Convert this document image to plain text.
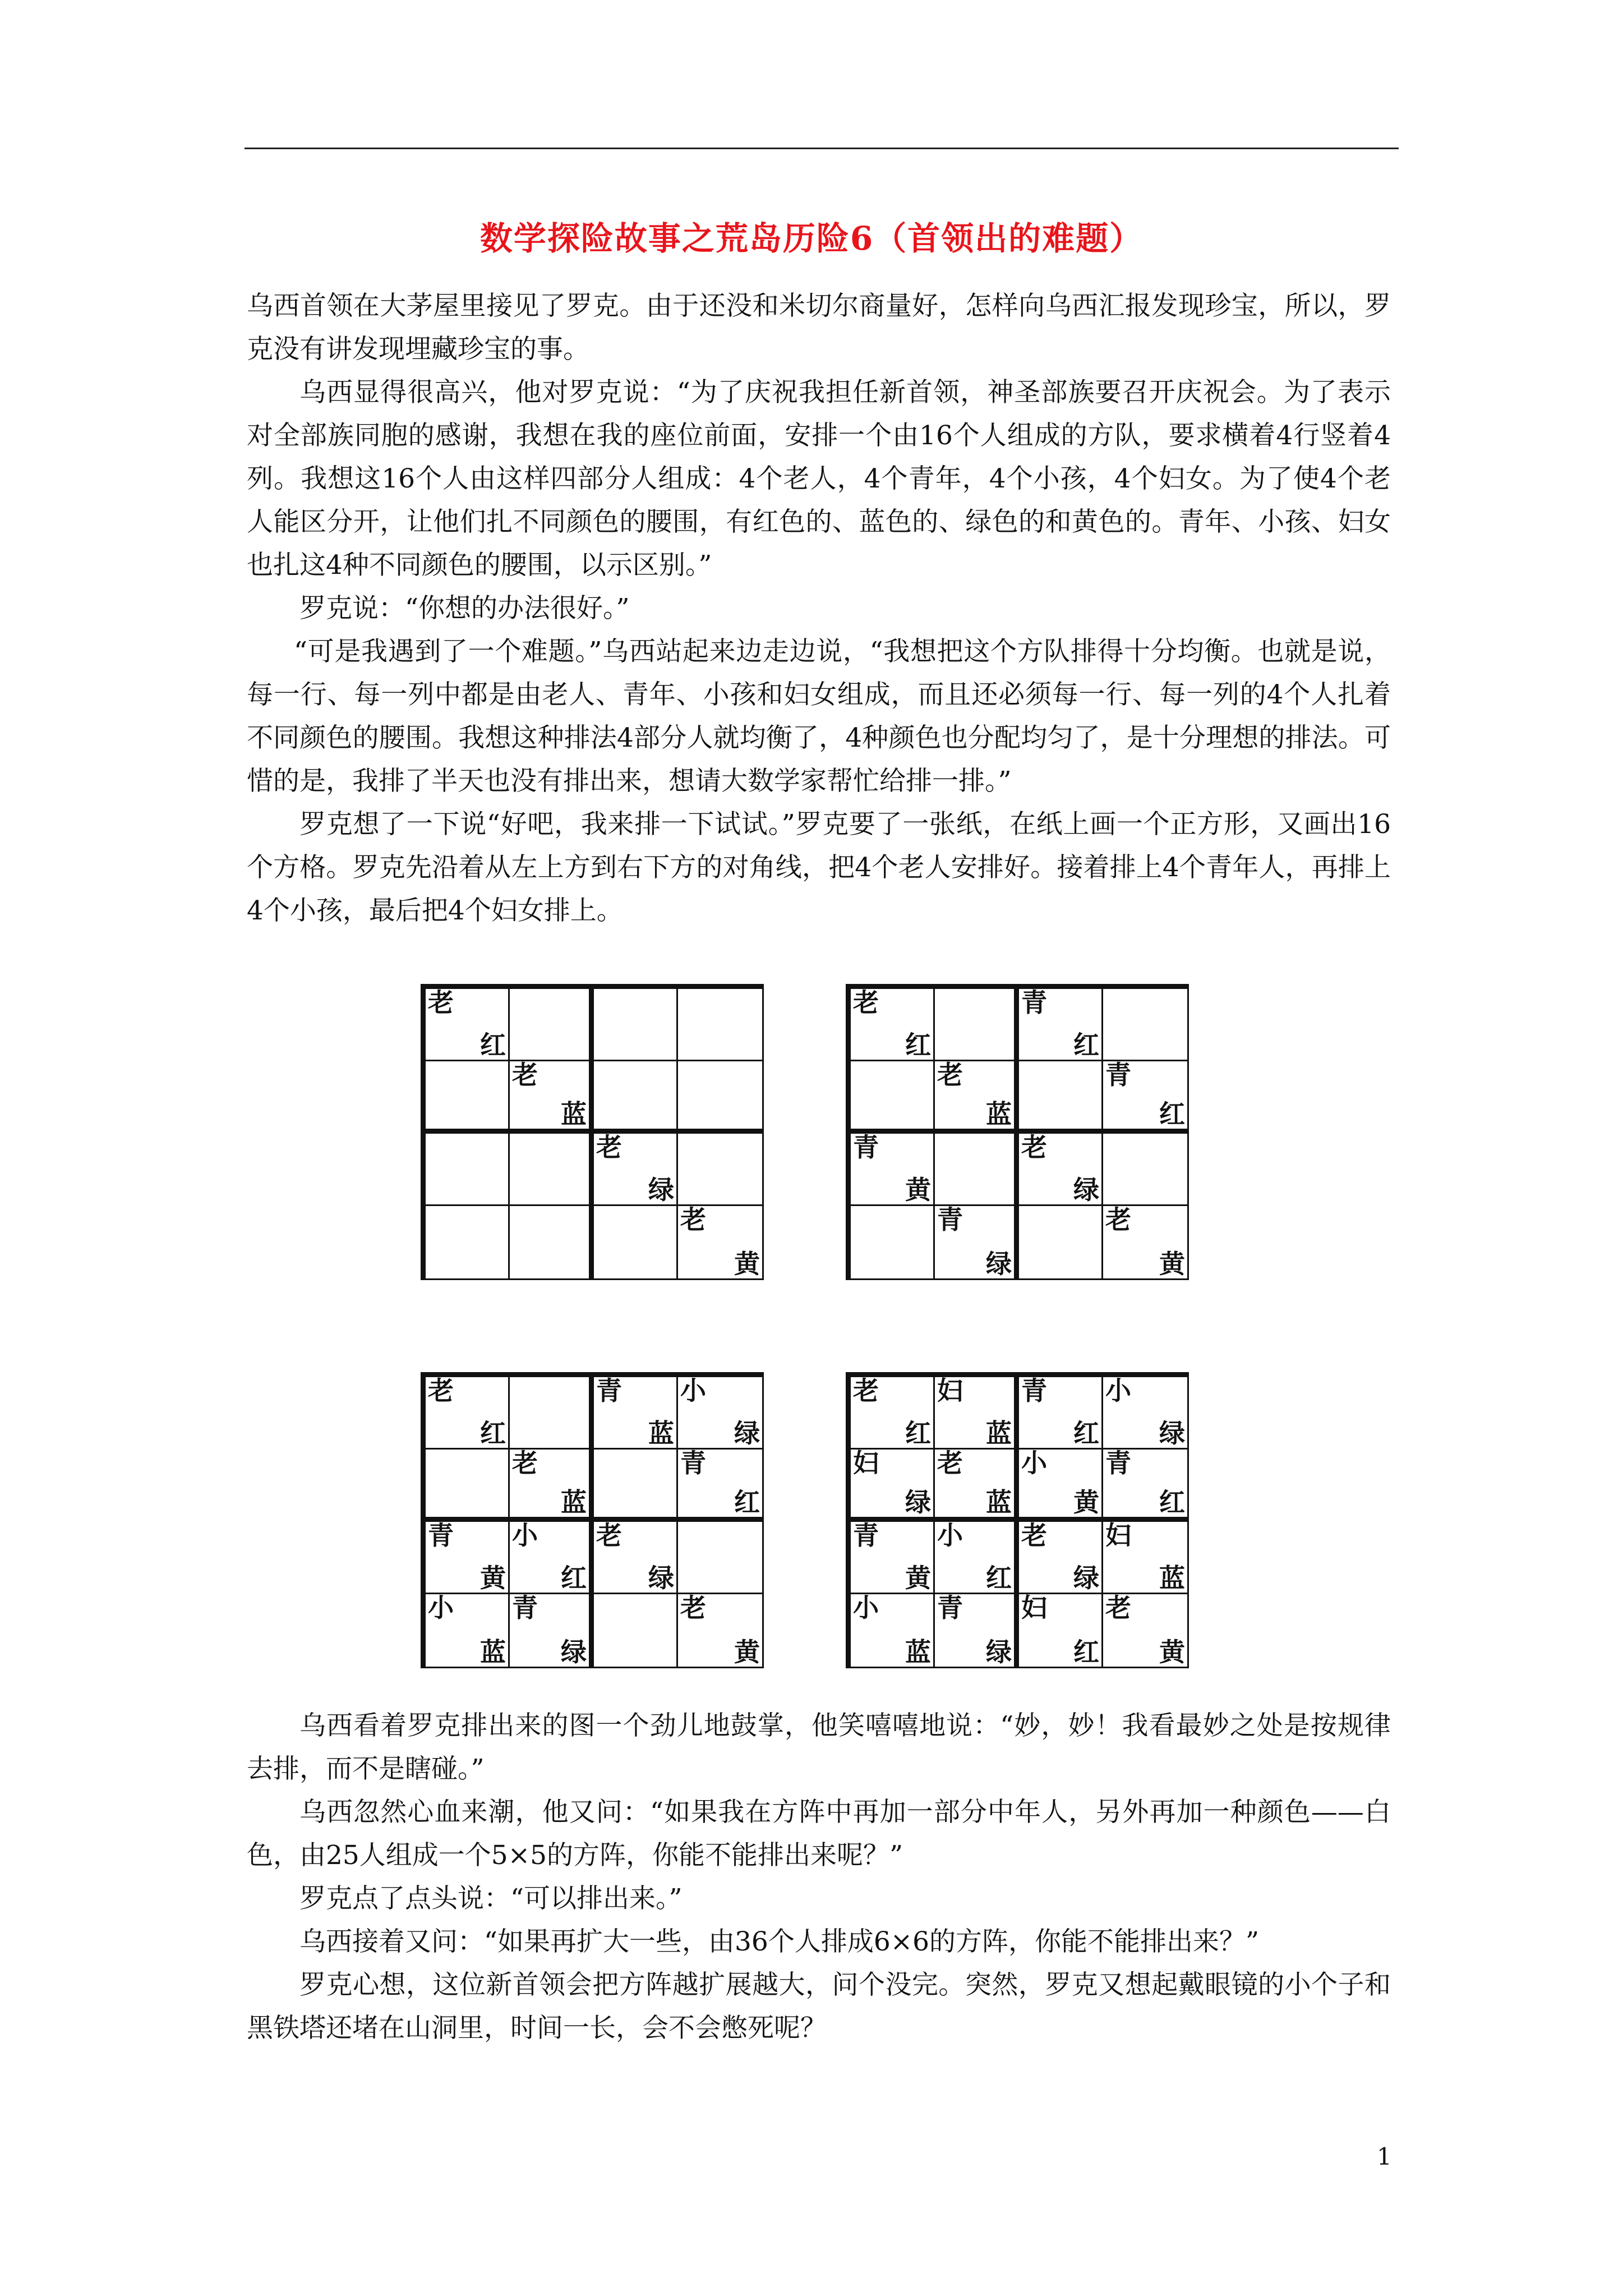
数学探险故事之荒岛历险6（首领出的难题）

乌西首领在大茅屋里接见了罗克。由于还没和米切尔商量好，怎样向乌西汇报发现珍宝，所以，罗克没有讲发现埋藏珍宝的事。

乌西显得很高兴，他对罗克说：“为了庆祝我担任新首领，神圣部族要召开庆祝会。为了表示对全部族同胞的感谢，我想在我的座位前面，安排一个由16个人组成的方队，要求横着4行竖着4列。我想这16个人由这样四部分人组成：4个老人，4个青年，4个小孩，4个妇女。为了使4个老人能区分开，让他们扎不同颜色的腰围，有红色的、蓝色的、绿色的和黄色的。青年、小孩、妇女也扎这4种不同颜色的腰围，以示区别。”

罗克说：“你想的办法很好。”

“可是我遇到了一个难题。”乌西站起来边走边说，“我想把这个方队排得十分均衡。也就是说，每一行、每一列中都是由老人、青年、小孩和妇女组成，而且还必须每一行、每一列的4个人扎着不同颜色的腰围。我想这种排法4部分人就均衡了，4种颜色也分配均匀了，是十分理想的排法。可惜的是，我排了半天也没有排出来，想请大数学家帮忙给排一排。”

罗克想了一下说“好吧，我来排一下试试。”罗克要了一张纸，在纸上画一个正方形，又画出16个方格。罗克先沿着从左上方到右下方的对角线，把4个老人安排好。接着排上4个青年人，再排上4个小孩，最后把4个妇女排上。

老
红
老
蓝
老
绿
老
黄
老
红
青
红
老
蓝
青
红
青
黄
老
绿
青
绿
老
黄
老
红
青
蓝
小
绿
老
蓝
青
红
青
黄
小
红
老
绿
小
蓝
青
绿
老
黄
老
红
妇
蓝
青
红
小
绿
妇
绿
老
蓝
小
黄
青
红
青
黄
小
红
老
绿
妇
蓝
小
蓝
青
绿
妇
红
老
黄

乌西看着罗克排出来的图一个劲儿地鼓掌，他笑嘻嘻地说：“妙，妙！我看最妙之处是按规律去排，而不是瞎碰。”

乌西忽然心血来潮，他又问：“如果我在方阵中再加一部分中年人，另外再加一种颜色——白色，由25人组成一个5×5的方阵，你能不能排出来呢？”

罗克点了点头说：“可以排出来。”

乌西接着又问：“如果再扩大一些，由36个人排成6×6的方阵，你能不能排出来？”

罗克心想，这位新首领会把方阵越扩展越大，问个没完。突然，罗克又想起戴眼镜的小个子和黑铁塔还堵在山洞里，时间一长，会不会憋死呢？

1
